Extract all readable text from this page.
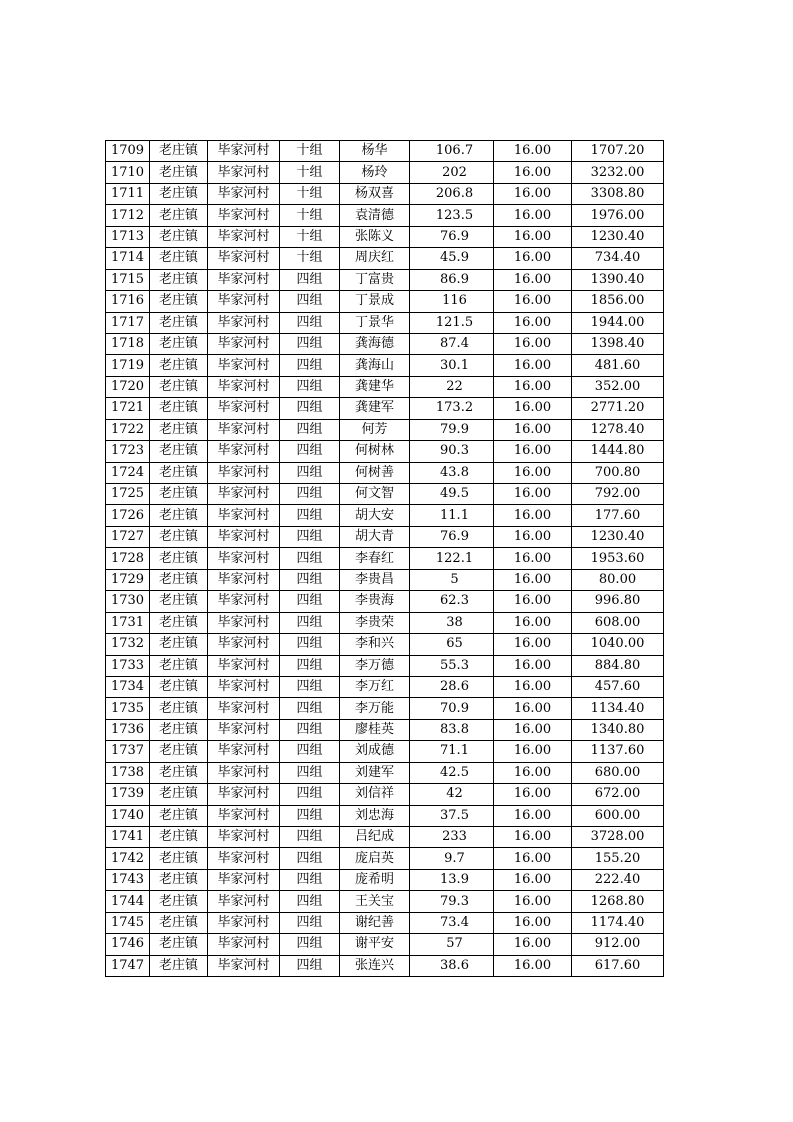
1709	老庄镇	毕家河村	十组	杨华	106.7	16.00	1707.20
1710	老庄镇	毕家河村	十组	杨玲	202	16.00	3232.00
1711	老庄镇	毕家河村	十组	杨双喜	206.8	16.00	3308.80
1712	老庄镇	毕家河村	十组	袁清德	123.5	16.00	1976.00
1713	老庄镇	毕家河村	十组	张陈义	76.9	16.00	1230.40
1714	老庄镇	毕家河村	十组	周庆红	45.9	16.00	734.40
1715	老庄镇	毕家河村	四组	丁富贵	86.9	16.00	1390.40
1716	老庄镇	毕家河村	四组	丁景成	116	16.00	1856.00
1717	老庄镇	毕家河村	四组	丁景华	121.5	16.00	1944.00
1718	老庄镇	毕家河村	四组	龚海德	87.4	16.00	1398.40
1719	老庄镇	毕家河村	四组	龚海山	30.1	16.00	481.60
1720	老庄镇	毕家河村	四组	龚建华	22	16.00	352.00
1721	老庄镇	毕家河村	四组	龚建军	173.2	16.00	2771.20
1722	老庄镇	毕家河村	四组	何芳	79.9	16.00	1278.40
1723	老庄镇	毕家河村	四组	何树林	90.3	16.00	1444.80
1724	老庄镇	毕家河村	四组	何树善	43.8	16.00	700.80
1725	老庄镇	毕家河村	四组	何文智	49.5	16.00	792.00
1726	老庄镇	毕家河村	四组	胡大安	11.1	16.00	177.60
1727	老庄镇	毕家河村	四组	胡大青	76.9	16.00	1230.40
1728	老庄镇	毕家河村	四组	李春红	122.1	16.00	1953.60
1729	老庄镇	毕家河村	四组	李贵昌	5	16.00	80.00
1730	老庄镇	毕家河村	四组	李贵海	62.3	16.00	996.80
1731	老庄镇	毕家河村	四组	李贵荣	38	16.00	608.00
1732	老庄镇	毕家河村	四组	李和兴	65	16.00	1040.00
1733	老庄镇	毕家河村	四组	李万德	55.3	16.00	884.80
1734	老庄镇	毕家河村	四组	李万红	28.6	16.00	457.60
1735	老庄镇	毕家河村	四组	李万能	70.9	16.00	1134.40
1736	老庄镇	毕家河村	四组	廖桂英	83.8	16.00	1340.80
1737	老庄镇	毕家河村	四组	刘成德	71.1	16.00	1137.60
1738	老庄镇	毕家河村	四组	刘建军	42.5	16.00	680.00
1739	老庄镇	毕家河村	四组	刘信祥	42	16.00	672.00
1740	老庄镇	毕家河村	四组	刘忠海	37.5	16.00	600.00
1741	老庄镇	毕家河村	四组	吕纪成	233	16.00	3728.00
1742	老庄镇	毕家河村	四组	庞启英	9.7	16.00	155.20
1743	老庄镇	毕家河村	四组	庞希明	13.9	16.00	222.40
1744	老庄镇	毕家河村	四组	王关宝	79.3	16.00	1268.80
1745	老庄镇	毕家河村	四组	谢纪善	73.4	16.00	1174.40
1746	老庄镇	毕家河村	四组	谢平安	57	16.00	912.00
1747	老庄镇	毕家河村	四组	张连兴	38.6	16.00	617.60
